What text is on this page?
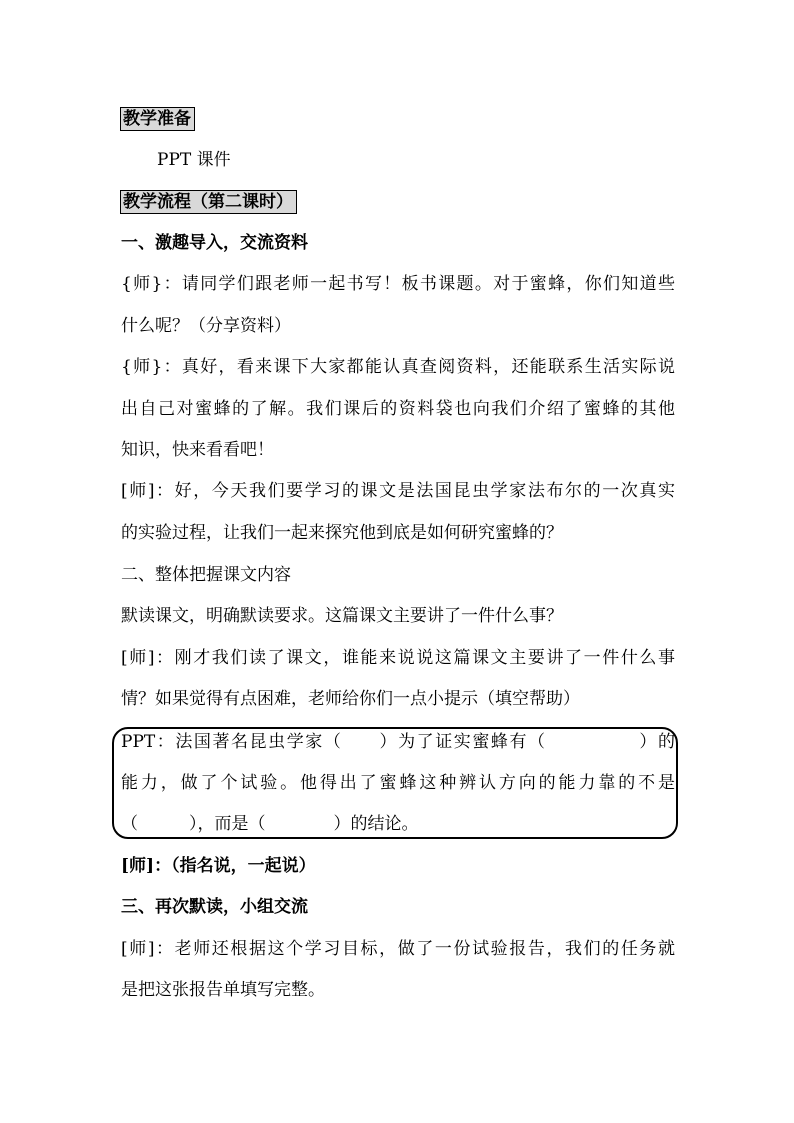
教学准备
PPT 课件
教学流程（第二课时）
一、激趣导入，交流资料
{师}：请同学们跟老师一起书写！板书课题。对于蜜蜂，你们知道些
什么呢？（分享资料）
{师}：真好，看来课下大家都能认真查阅资料，还能联系生活实际说
出自己对蜜蜂的了解。我们课后的资料袋也向我们介绍了蜜蜂的其他
知识，快来看看吧！
[师]：好，今天我们要学习的课文是法国昆虫学家法布尔的一次真实
的实验过程，让我们一起来探究他到底是如何研究蜜蜂的？
二、整体把握课文内容
默读课文，明确默读要求。这篇课文主要讲了一件什么事？
[师]：刚才我们读了课文，谁能来说说这篇课文主要讲了一件什么事
情？如果觉得有点困难，老师给你们一点小提示（填空帮助）
PPT：法国著名昆虫学家（　　）为了证实蜜蜂有（　　　　　）的
能力，做了个试验。他得出了蜜蜂这种辨认方向的能力靠的不是
（　　　），而是（　　　　）的结论。
[师]：（指名说，一起说）
三、再次默读，小组交流
[师]：老师还根据这个学习目标，做了一份试验报告，我们的任务就
是把这张报告单填写完整。
